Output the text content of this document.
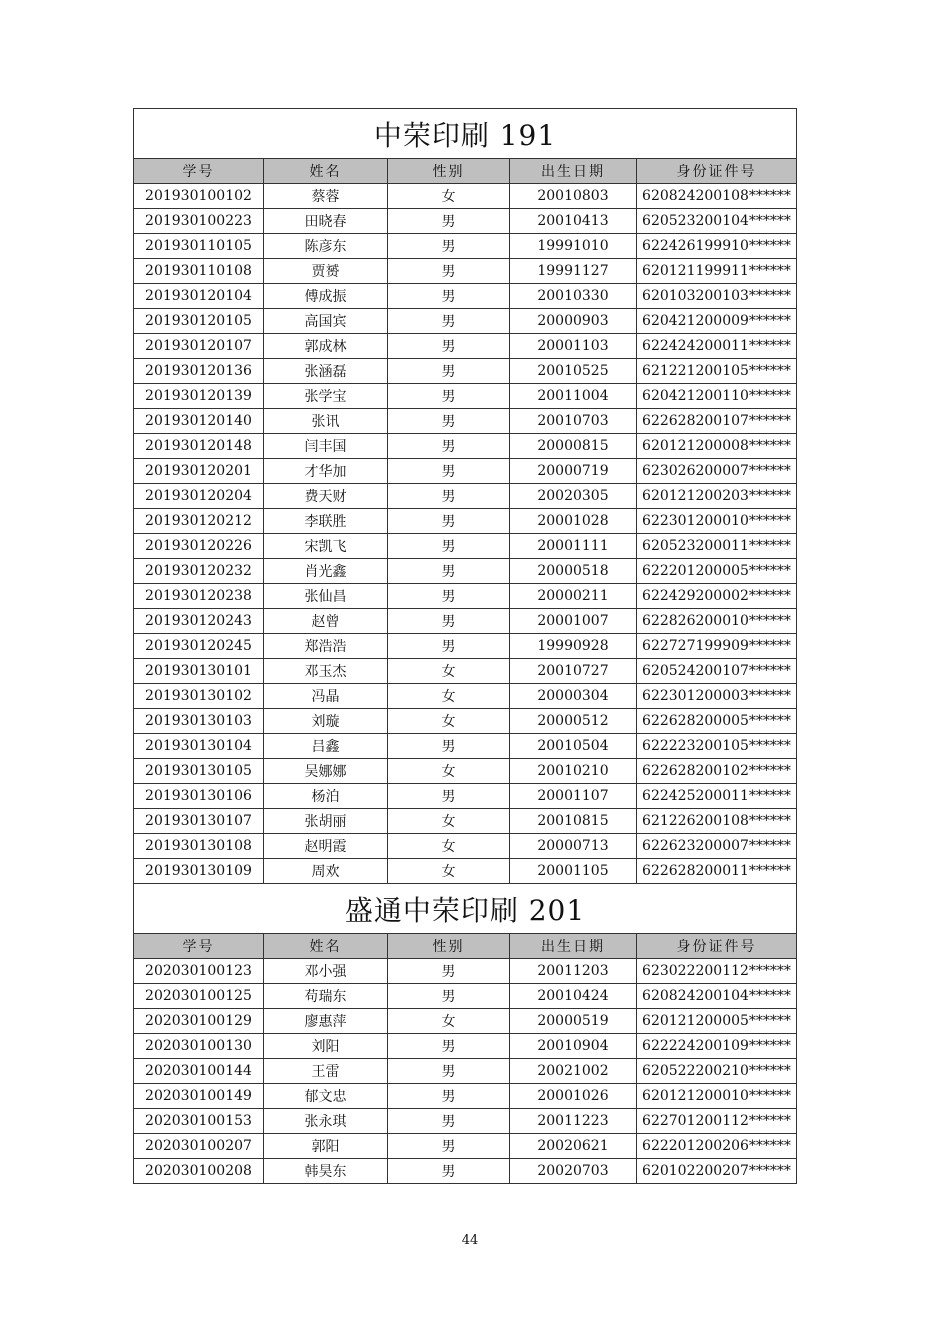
中荣印刷 191				
学号	姓名	性别	出生日期	身份证件号
201930100102	蔡蓉	女	20010803	620824200108******
201930100223	田晓春	男	20010413	620523200104******
201930110105	陈彦东	男	19991010	622426199910******
201930110108	贾赟	男	19991127	620121199911******
201930120104	傅成振	男	20010330	620103200103******
201930120105	高国宾	男	20000903	620421200009******
201930120107	郭成林	男	20001103	622424200011******
201930120136	张涵磊	男	20010525	621221200105******
201930120139	张学宝	男	20011004	620421200110******
201930120140	张讯	男	20010703	622628200107******
201930120148	闫丰国	男	20000815	620121200008******
201930120201	才华加	男	20000719	623026200007******
201930120204	费天财	男	20020305	620121200203******
201930120212	李联胜	男	20001028	622301200010******
201930120226	宋凯飞	男	20001111	620523200011******
201930120232	肖光鑫	男	20000518	622201200005******
201930120238	张仙昌	男	20000211	622429200002******
201930120243	赵曾	男	20001007	622826200010******
201930120245	郑浩浩	男	19990928	622727199909******
201930130101	邓玉杰	女	20010727	620524200107******
201930130102	冯晶	女	20000304	622301200003******
201930130103	刘璇	女	20000512	622628200005******
201930130104	吕鑫	男	20010504	622223200105******
201930130105	吴娜娜	女	20010210	622628200102******
201930130106	杨泊	男	20001107	622425200011******
201930130107	张胡丽	女	20010815	621226200108******
201930130108	赵明霞	女	20000713	622623200007******
201930130109	周欢	女	20001105	622628200011******
盛通中荣印刷 201				
学号	姓名	性别	出生日期	身份证件号
202030100123	邓小强	男	20011203	623022200112******
202030100125	苟瑞东	男	20010424	620824200104******
202030100129	廖惠萍	女	20000519	620121200005******
202030100130	刘阳	男	20010904	622224200109******
202030100144	王雷	男	20021002	620522200210******
202030100149	郁文忠	男	20001026	620121200010******
202030100153	张永琪	男	20011223	622701200112******
202030100207	郭阳	男	20020621	622201200206******
202030100208	韩昊东	男	20020703	620102200207******
44
